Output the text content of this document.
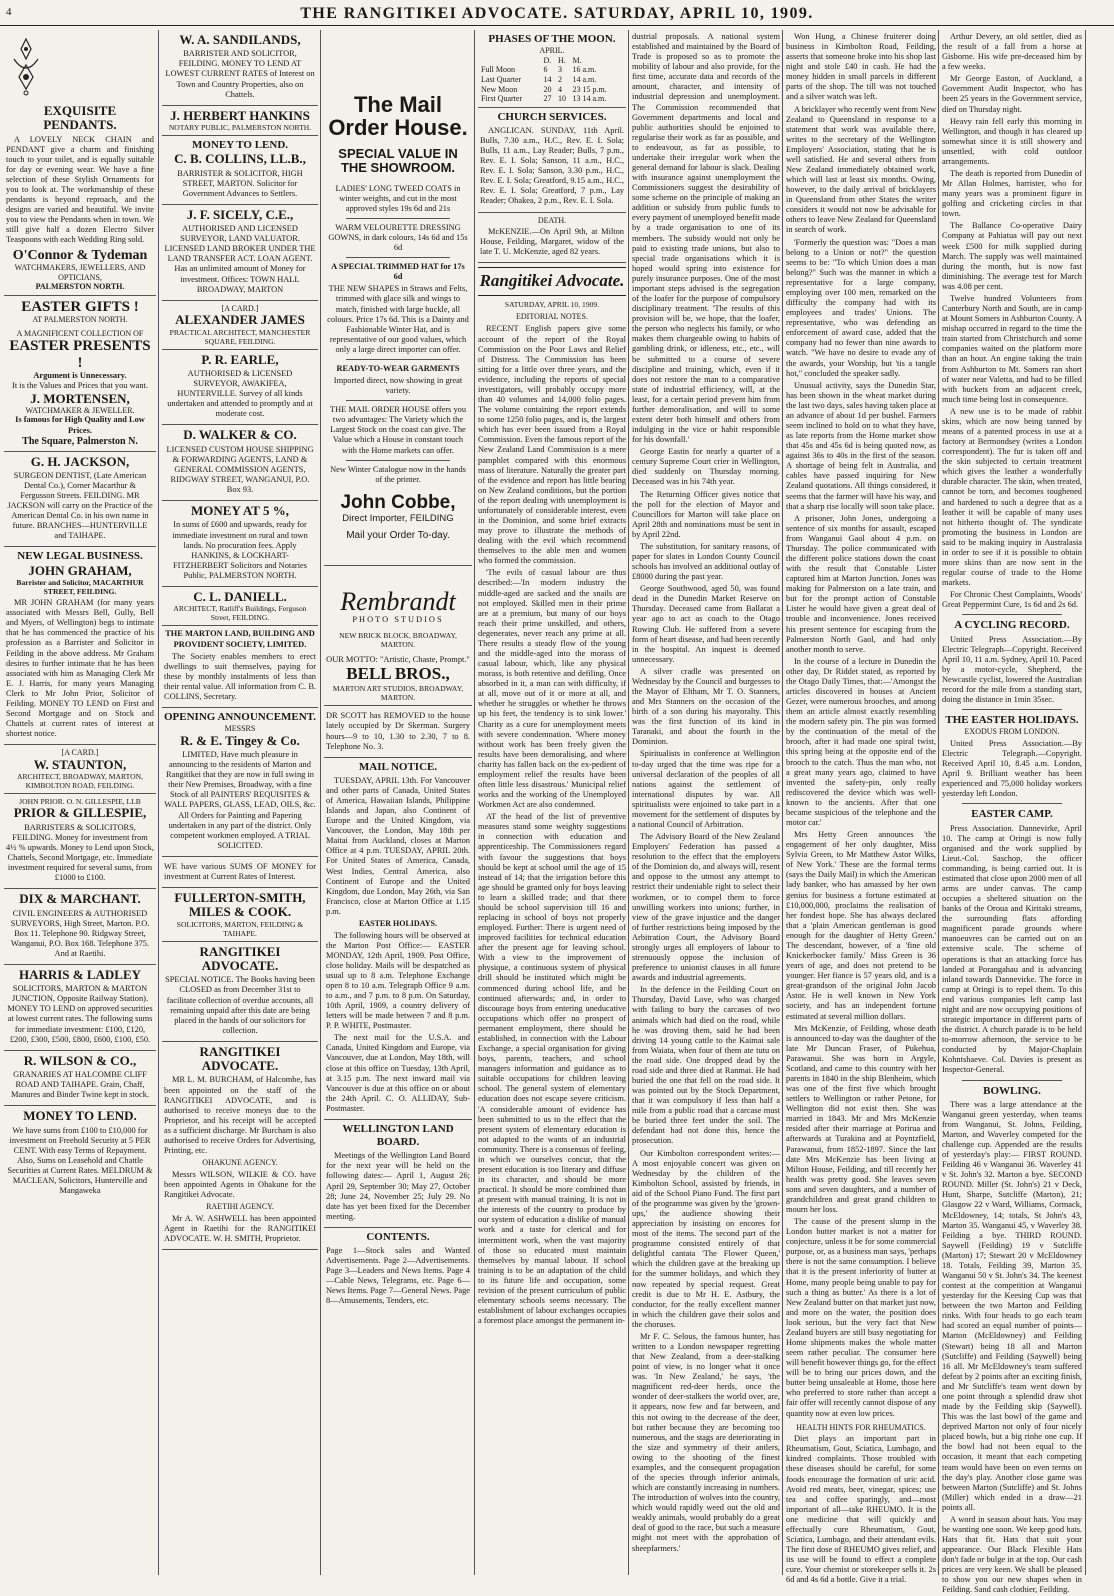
4	THE RANGITIKEI ADVOCATE. SATURDAY, APRIL 10, 1909.
EXQUISITE PENDANTS.

A LOVELY NECK CHAIN and PENDANT give a charm and finishing touch to your toilet, and is equally suitable for day or evening wear. We have a fine selection of these Stylish Ornaments for you to look at. The workmanship of these pendants is beyond reproach, and the designs are varied and beautiful. We invite you to view the Pendants when in town. We still give half a dozen Electro Silver Teaspoons with each Wedding Ring sold.

O'Connor & Tydeman
WATCHMAKERS, JEWELLERS, AND OPTICIANS,
PALMERSTON NORTH.
EASTER GIFTS !
AT PALMERSTON NORTH.
A MAGNIFICENT COLLECTION OF
EASTER PRESENTS !
Argument is Unnecessary.
It is the Values and Prices that you want.
J. MORTENSEN,
WATCHMAKER & JEWELLER.
Is famous for High Quality and Low Prices.
The Square, Palmerston N.
G. H. JACKSON,

SURGEON DENTIST, (Late American Dental Co.), Corner Macarthur & Fergusson Streets. FEILDING. MR JACKSON will carry on the Practice of the American Dental Co. in his own name in future. BRANCHES—HUNTERVILLE and TAIHAPE.

NEW LEGAL BUSINESS.
JOHN GRAHAM,
Barrister and Solicitor, MACARTHUR STREET, FEILDING.

MR JOHN GRAHAM (for many years associated with Messrs Bell, Gully, Bell and Myers, of Wellington) begs to intimate that he has commenced the practice of his profession as a Barrister and Solicitor in Feilding in the above address. Mr Graham desires to further intimate that he has been associated with him as Managing Clerk Mr E. J. Harris, for many years Managing Clerk to Mr John Prior, Solicitor of Feilding. MONEY TO LEND on First and Second Mortgage and on Stock and Chattels at current rates of interest at shortest notice.

[A CARD.]
W. STAUNTON,
ARCHITECT, BROADWAY, MARTON, KIMBOLTON ROAD, FEILDING.
JOHN PRIOR. O. N. GILLESPIE, LLB
PRIOR & GILLESPIE,

BARRISTERS & SOLICITORS, FEILDING. Money for investment from 4½ % upwards. Money to Lend upon Stock, Chattels, Second Mortgage, etc. Immediate investment required for several sums, from £1000 to £100.

DIX & MARCHANT.

CIVIL ENGINEERS & AUTHORISED SURVEYORS, High Street, Marton. P.O. Box 11. Telephone 90. Ridgway Street, Wanganui, P.O. Box 168. Telephone 375. And at Raetihi.

HARRIS & LADLEY

SOLICITORS, MARTON & MARTON JUNCTION, Opposite Railway Station). MONEY TO LEND on approved securities at lowest current rates. The following sums for immediate investment: £100, £120, £200, £300, £500, £800, £600, £100, £50.

R. WILSON & CO.,

GRANARIES AT HALCOMBE CLIFF ROAD AND TAIHAPE. Grain, Chaff, Manures and Binder Twine kept in stock.

MONEY TO LEND.

We have sums from £100 to £10,000 for investment on Freehold Security at 5 PER CENT. With easy Terms of Repayment. Also, Sums on Leasehold and Chattle Securities at Current Rates. MELDRUM & MACLEAN, Solicitors, Hunterville and Mangaweka

W. A. SANDILANDS,

BARRISTER AND SOLICITOR, FEILDING. MONEY TO LEND AT LOWEST CURRENT RATES of Interest on Town and Country Properties, also on Chattels.

J. HERBERT HANKINS
NOTARY PUBLIC, PALMERSTON NORTH.
MONEY TO LEND.
C. B. COLLINS, LL.B.,

BARRISTER & SOLICITOR, HIGH STREET, MARTON. Solicitor for Government Advances to Settlers.

J. F. SICELY, C.E.,

AUTHORISED AND LICENSED SURVEYOR, LAND VALUATOR. LICENSED LAND BROKER UNDER THE LAND TRANSFER ACT. LOAN AGENT. Has an unlimited amount of Money for investment. Offices: TOWN HALL BROADWAY, MARTON

[A CARD.]
ALEXANDER JAMES
PRACTICAL ARCHITECT, MANCHESTER SQUARE, FEILDING.
P. R. EARLE,

AUTHORISED & LICENSED SURVEYOR, AWAKIFEA, HUNTERVILLE. Survey of all kinds undertaken and attended to promptly and at moderate cost.

D. WALKER & CO.

LICENSED CUSTOM HOUSE SHIPPING & FORWARDING AGENTS, LAND & GENERAL COMMISSION AGENTS, RIDGWAY STREET, WANGANUI, P.O. Box 93.

MONEY AT 5 %,

In sums of £600 and upwards, ready for immediate investment on rural and town lands. No procuration fees. Apply HANKINS, & LOCKHART-FITZHERBERT Solicitors and Notaries Public, PALMERSTON NORTH.

C. L. DANIELL.
ARCHITECT, Ratliff's Buildings, Ferguson Street, FEILDING.
THE MARTON LAND, BUILDING AND PROVIDENT SOCIETY, LIMITED.

The Society enables members to erect dwellings to suit themselves, paying for these by monthly instalments of less than their rental value. All information from C. B. COLLINS, Secretary.

OPENING ANNOUNCEMENT.
MESSRS
R. & E. Tingey & Co.

LIMITED, Have much pleasure in announcing to the residents of Marton and Rangitikei that they are now in full swing in their New Premises, Broadway, with a fine Stock of all PAINTERS' REQUISITES & WALL PAPERS, GLASS, LEAD, OILS, &c. All Orders for Painting and Papering undertaken in any part of the district. Only competent workmen employed. A TRIAL SOLICITED.

WE have various SUMS OF MONEY for investment at Current Rates of Interest.

FULLERTON-SMITH, MILES & COOK.
SOLICITORS, MARTON, FEILDING & TAIHAPE.
RANGITIKEI ADVOCATE.

SPECIAL NOTICE. The Books having been CLOSED as from December 31st to facilitate collection of overdue accounts, all remaining unpaid after this date are being placed in the hands of our solicitors for collection.

RANGITIKEI ADVOCATE.

MR L. M. BURCHAM, of Halcombe, has been appointed on the staff of the RANGITIKEI ADVOCATE, and is authorised to receive moneys due to the Proprietor, and his receipt will be accepted as a sufficient discharge. Mr Burcham is also authorised to receive Orders for Advertising, Printing, etc.

OHAKUNE AGENCY.

Messrs WILSON, WILKIE & CO. have been appointed Agents in Ohakune for the Rangitikei Advocate.

RAETIHI AGENCY.

Mr A. W. ASHWELL has been appointed Agent in Raetihi for the RANGITIKEI ADVOCATE. W. H. SMITH, Proprietor.

The Mail Order House.
SPECIAL VALUE IN THE SHOWROOM.

LADIES' LONG TWEED COATS in winter weights, and cut in the most approved styles 19s 6d and 21s

WARM VELOURETTE DRESSING GOWNS, in dark colours, 14s 6d and 15s 6d

A SPECIAL TRIMMED HAT for 17s 6d

THE NEW SHAPES in Straws and Felts, trimmed with glace silk and wings to match, finished with large buckle, all colours. Price 17s 6d. This is a Dainty and Fashionable Winter Hat, and is representative of our good values, which only a large direct importer can offer.

READY-TO-WEAR GARMENTS

Imported direct, now showing in great variety.

THE MAIL ORDER HOUSE offers you two advantages: The Variety which the Largest Stock on the coast can give. The Value which a House in constant touch with the Home markets can offer.

New Winter Catalogue now in the hands of the printer.

John Cobbe,
Direct Importer, FEILDING
Mail your Order To-day.
Rembrandt
PHOTO STUDIOS
NEW BRICK BLOCK, BROADWAY, MARTON.
OUR MOTTO: "Artistic, Chaste, Prompt."
BELL BROS.,
MARTON ART STUDIOS, BROADWAY, MARTON.

DR SCOTT has REMOVED to the house lately occupied by Dr Skerman. Surgery hours—9 to 10, 1.30 to 2.30, 7 to 8. Telephone No. 3.

MAIL NOTICE.

TUESDAY, APRIL 13th. For Vancouver and other parts of Canada, United States of America, Hawaiian Islands, Philippine Islands and Japan, also Continent of Europe and the United Kingdom, via Vancouver, the London, May 18th per Maitai from Auckland, closes at Marton Office at 4 p.m. TUESDAY, APRIL 20th. For United States of America, Canada, West Indies, Central America, also Continent of Europe and the United Kingdom, due London, May 26th, via San Francisco, close at Marton Office at 1.15 p.m.

EASTER HOLIDAYS.

The following hours will be observed at the Marton Post Office:— EASTER MONDAY, 12th April, 1909. Post Office, close holiday. Mails will be despatched as usual up to 8 a.m. Telephone Exchange open 8 to 10 a.m. Telegraph Office 9 a.m. to a.m., and 7 p.m. to 8 p.m. On Saturday, 10th April, 1909, a country delivery of letters will be made between 7 and 8 p.m. P. P. WHITE, Postmaster.

The next mail for the U.S.A. and Canada, United Kingdom and Europe, via Vancouver, due at London, May 18th, will close at this office on Tuesday, 13th April, at 3.15 p.m. The next inward mail via Vancouver is due at this office on or about the 24th April. C. O. ALLIDAY, Sub-Postmaster.

WELLINGTON LAND BOARD.

Meetings of the Wellington Land Board for the next year will be held on the following dates:— April 1, August 26; April 29, September 30; May 27, October 28; June 24, November 25; July 29. No date has yet been fixed for the December meeting.

CONTENTS.

Page 1—Stock sales and Wanted Advertisements. Page 2—Advertisements. Page 3—Leaders and News Items. Page 4—Cable News, Telegrams, etc. Page 6—News Items. Page 7—General News. Page 8—Amusements, Tenders, etc.

PHASES OF THE MOON.
APRIL.
	D.	H.	M.
Full Moon	6	3	16 a.m.
Last Quarter	14	2	14 a.m.
New Moon	20	4	23 15 p.m.
First Quarter	27	10	13 14 a.m.
CHURCH SERVICES.

ANGLICAN. SUNDAY, 11th April. Bulls, 7.30 a.m., H.C., Rev. E. I. Sola; Bulls, 11 a.m., Lay Reader; Bulls, 7 p.m., Rev. E. I. Sola; Sanson, 11 a.m., H.C., Rev. E. I. Sola; Sanson, 3.30 p.m., H.C., Rev. E. I. Sola; Greatford, 9.15 a.m., H.C., Rev. E. I. Sola; Greatford, 7 p.m., Lay Reader; Ohakea, 2 p.m., Rev. E. I. Sola.

DEATH.

McKENZIE.—On April 9th, at Milton House, Feilding, Margaret, widow of the late T. U. McKenzie, aged 82 years.

Rangitikei Advocate.
SATURDAY, APRIL 10, 1909.
EDITORIAL NOTES.

RECENT English papers give some account of the report of the Royal Commission on the Poor Laws and Relief of Distress. The Commission has been sitting for a little over three years, and the evidence, including the reports of special investigators, will probably occupy more than 40 volumes and 14,000 folio pages. The volume containing the report extends to some 1250 folio pages, and is, the largest which has ever been issued from a Royal Commission. Even the famous report of the New Zealand Land Commission is a mere pamphlet compared with this enormous mass of literature. Naturally the greater part of the evidence and report has little bearing on New Zealand conditions, but the portion of the report dealing with unemployment is unfortunately of considerable interest, even in the Dominion, and some brief extracts may prove to illustrate the methods of dealing with the evil which recommend themselves to the able men and women who formed the commission.

'The evils of casual labour are thus described:—'In modern industry the middle-aged are sacked and the snails are not employed. Skilled men in their prime are at a premium, but many of our boys reach their prime unskilled, and others, degenerates, never reach any prime at all. There results a steady flow of the young and the middle-aged into the morass of casual labour, which, like any physical morass, is both retentive and defiling. Once absorbed in it, a man can with difficulty, if at all, move out of it or more at all, and whether he struggles or whether he throws up his feet, the tendency is to sink lower.' Charity as a cure for unemployment meets with severe condemnation. 'Where money without work has been freely given the results have been demoralising, and where charity has fallen back on the ex-pedient of employment relief the results have been often little less disastrous.' Municipal relief works and the working of the Unemployed Workmen Act are also condemned.

AT the head of the list of preventive measures stand some weighty suggestions in connection with education and apprenticeship. The Commissioners regard with favour the suggestions that boys should be kept at school until the age of 15 instead of 14; that the irrigation before this age should be granted only for boys leaving to learn a skilled trade; and that there should be school supervision till 16 and replacing in school of boys not properly employed. Further: There is urgent need of improved facilities for technical education after the present age for leaving school. With a view to the improvement of physique, a continuous system of physical drill should be instituted which might be commenced during school life, and be continued afterwards; and, in order to discourage boys from entering uneducative occupations which offer no prospect of permanent employment, there should be established, in connection with the Labour Exchange, a special organisation for giving boys, parents, teachers, and school managers information and guidance as to suitable occupations for children leaving school. The general system of elementary education does not escape severe criticism. 'A considerable amount of evidence has been submitted to us to the effect that the present system of elementary education is not adapted to the wants of an industrial community. There is a consensus of feeling, in which we ourselves concur, that the present education is too literary and diffuse in its character, and should be more practical. It should be more combined than at present with manual training. It is not in the interests of the country to produce by our system of education a dislike of manual work and a taste for clerical and for intermittent work, when the vast majority of those so educated must maintain themselves by manual labour. If school training is to be an adaptation of the child to its future life and occupation, some revision of the present curriculum of public elementary schools seems necessary. The establishment of labour exchanges occupies a foremost place amongst the permanent in-

dustrial proposals. A national system established and maintained by the Board of Trade is proposed so as to promote the mobility of labour and also provide, for the first time, accurate data and records of the amount, character, and intensity of industrial depression and unemployment. The Commission recommended that Government departments and local and public authorities should be enjoined to regularise their work as far as possible, and to endeavour, as far as possible, to undertake their irregular work when the general demand for labour is slack. Dealing with insurance against unemployment the Commissioners suggest the desirability of some scheme on the principle of making an addition or subsidy from public funds to every payment of unemployed benefit made by a trade organisation to one of its members. The subsidy would not only be paid to existing trade unions, but also to special trade organisations which it is hoped would spring into existence for purely insurance purposes. One of the most important steps advised is the segregation of the loafer for the purpose of compulsory disciplinary treatment. 'The results of this provision will be, we hope, that the loafer, the person who neglects his family, or who makes them chargeable owing to habits of gambling drink, or idleness, etc., etc., will be submitted to a course of severe discipline and training, which, even if it does not restore the man to a comparative state of industrial efficiency, will, at the least, for a certain period prevent him from further demoralisation, and will to some extent deter both himself and others from indulging in the vice or habit responsible for his downfall.'

George Eastin for nearly a quarter of a century Supreme Court crier in Wellington, died suddenly on Thursday morning. Deceased was in his 74th year.

The Returning Officer gives notice that the poll for the election of Mayor and Councillors for Marton will take place on April 28th and nominations must be sent in by April 22nd.

The substitution, for sanitary reasons, of paper for slates in London County Council schools has involved an additional outlay of £8000 during the past year.

George Southwood, aged 50, was found dead in the Dunedin Market Reserve on Thursday. Deceased came from Ballarat a year ago to act as coach to the Otago Rowing Club. He suffered from a severe form of heart disease, and had been recently in the hospital. An inquest is deemed unnecessary.

A silver cradle was presented on Wednesday by the Council and burgesses to the Mayor of Eltham, Mr T. O. Stanners, and Mrs Stanners on the occasion of the birth of a son during his mayoralty. This was the first function of its kind in Taranaki, and about the fourth in the Dominion.

Spiritualists in conference at Wellington to-day urged that the time was ripe for a universal declaration of the peoples of all nations against the settlement of international disputes by war. All spiritualists were enjoined to take part in a movement for the settlement of disputes by a national Council of Arbitration.

The Advisory Board of the New Zealand Employers' Federation has passed a resolution to the effect that the employers of the Dominion do, and always will, resent and oppose to the utmost any attempt to restrict their undeniable right to select their workmen, or to compel them to force unwilling workers into unions; further, in view of the grave injustice and the danger of further restrictions being imposed by the Arbitration Court, the Advisory Board strongly urges all employers of labour to strenuously oppose the inclusion of preference to unionist clauses in all future awards and industrial agreements.

In the defence in the Feilding Court on Thursday, David Love, who was charged with failing to bury the carcases of two animals which had died on the road, while he was droving them, said he had been driving 14 young cattle to the Kaimai sale from Waiata, when four of them ate tutu on the road side. One dropped dead by the road side and three died at Ranmai. He had buried the one that fell on the road side. It was pointed out by the Stock Department, that it was compulsory if less than half a mile from a public road that a carcase must be buried three feet under the soil. The defendant had not done this, hence the prosecution.

Our Kimbolton correspondent writes:—A most enjoyable concert was given on Wednesday by the children of the Kimbolton School, assisted by friends, in aid of the School Piano Fund. The first part of the programme was given by the 'grown-ups,' the audience showing their appreciation by insisting on encores for most of the items. The second part of the programme consisted entirely of that delightful cantata 'The Flower Queen,' which the children gave at the breaking up for the summer holidays, and which they now repeated by special request. Great credit is due to Mr H. E. Astbury, the conductor, for the really excellent manner in which the children gave their solos and the choruses.

Mr F. C. Selous, the famous hunter, has written to a London newspaper regretting that New Zealand, from a deer-stalking point of view, is no longer what it once was. 'In New Zealand,' he says, 'the magnificent red-deer herds, once the wonder of deer-stalkers the world over, are, it appears, now few and far between, and this not owing to the decrease of the deer, but rather because they are becoming too numerous, and the stags are deteriorating in the size and symmetry of their antlers, owing to the shooting of the finest examples, and the consequent propagation of the species through inferior animals, which are constantly increasing in numbers. The introduction of wolves into the country, which would rapidly weed out the old and weakly animals, would probably do a great deal of good to the race, but such a measure might not meet with the approbation of sheepfarmers.'

Won Hung, a Chinese fruiterer doing business in Kimbolton Road, Feilding, asserts that someone broke into his shop last night and stole £40 in cash. He had the money hidden in small parcels in different parts of the shop. The till was not touched and a silver watch was left.

A bricklayer who recently went from New Zealand to Queensland in response to a statement that work was available there, writes to the secretary of the Wellington Employers' Association, stating that he is well satisfied. He and several others from New Zealand immediately obtained work, which will last at least six months. Owing, however, to the daily arrival of bricklayers in Queensland from other States the writer considers it would not now be advisable for others to leave New Zealand for Queensland in search of work.

'Formerly the question was: "Does a man belong to a Union or not?" the question seems to be: "To which Union does a man belong?" Such was the manner in which a representative for a large company, employing over 100 men, remarked on the difficulty the company had with its employees and trades' Unions. The representative, who was defending an enforcement of award case, added that the company had no fewer than nine awards to watch. "We have no desire to evade any of the awards, your Worship, but 'tis a tangle hot," concluded the speaker sadly.

Unusual activity, says the Dunedin Star, has been shown in the wheat market during the last two days, sales having taken place at an advance of about 1d per bushel. Farmers seem inclined to hold on to what they have, as late reports from the Home market show that 45s and 45s 6d is being quoted now, as against 36s to 40s in the first of the season. A shortage of being felt in Australia, and cables have passed inquiring for New Zealand quotations. All things considered, it seems that the farmer will have his way, and that a sharp rise locally will soon take place.

A prisoner, John Jones, undergoing a sentence of six months for assault, escaped from Wanganui Gaol about 4 p.m. on Thursday. The police communicated with the different police stations down the coast with the result that Constable Lister captured him at Marton Junction. Jones was making for Palmerston on a late train, and but for the prompt action of Constable Lister he would have given a great deal of trouble and inconvenience. Jones received his present sentence for escaping from the Palmerston North Gaol, and had only another month to serve.

In the course of a lecture in Dunedin the other day, Dr Riddet stated, as reported by the Otago Daily Times, that:—'Amongst the articles discovered in houses at Ancient Gezer, were numerous brooches, and among them an article almost exactly resembling the modern safety pin. The pin was formed by the continuation of the metal of the brooch, after it had made one spiral twist, this spring being at the opposite end of the brooch to the catch. Thus the man who, not a great many years ago, claimed to have invented the safety-pin, only really rediscovered the device which was well-known to the ancients. After that one became suspicious of the telephone and the motor car.'

Mrs Hetty Green announces 'the engagement of her only daughter, Miss Sylvia Green, to Mr Matthew Astor Wilks, of New York.' These are the formal terms (says the Daily Mail) in which the American lady banker, who has amassed by her own genius for business a fortune estimated at £10,000,000, proclaims the realisation of her fondest hope. She has always declared that a 'plain American gentleman is good enough for the daughter of Hetty Green.' The descendant, however, of a 'fine old Knickerbocker family.' Miss Green is 36 years of age, and does not pretend to be younger. Her fiance is 57 years old, and is a great-grandson of the original John Jacob Astor. He is well known in New York society, and has an independent fortune estimated at several million dollars.

Mrs McKenzie, of Feilding, whose death is announced to-day was the daughter of the late Mr Duncan Fraser, of Pukehua, Parawanui. She was born in Argyle, Scotland, and came to this country with her parents in 1840 in the ship Blenheim, which was one of the first five which brought settlers to Wellington or rather Petone, for Wellington did not exist then. She was married in 1843. Mr and Mrs McKenzie resided after their marriage at Porirua and afterwards at Turakina and at Poyntzfield, Parawanui, from 1852-1897. Since the last date Mrs McKenzie has been living at Milton House, Feilding, and till recently her health was pretty good. She leaves seven sons and seven daughters, and a number of grandchildren and great grand children to mourn her loss.

The cause of the present slump in the London butter market is not a matter for conjecture, unless it be for some commercial purpose, or, as a business man says, 'perhaps there is not the same consumption. I believe that it is the present inferiority of butter at Home, many people being unable to pay for such a thing as butter.' As there is a lot of New Zealand butter on that market just now, and more on the water, the position does look serious, but the very fact that New Zealand buyers are still busy negotiating for Home shipments makes the whole matter seem rather peculiar. The consumer here will benefit however things go, for the effect will be to bring our prices down, and the butter being unsaleable at Home, those here who preferred to store rather than accept a fair offer will recently cannot dispose of any quantity now at even low prices.

HEALTH HINTS FOR RHEUMATICS.

Diet plays an important part in Rheumatism, Gout, Sciatica, Lumbago, and kindred complaints. Those troubled with these diseases should be careful, for some foods encourage the formation of uric acid. Avoid red meats, beer, vinegar, spices; use tea and coffee sparingly, and—most important of all—take RHEUMO. It is the one medicine that will quickly and effectually cure Rheumatism, Gout, Sciatica, Lumbago, and their attendant evils. The first dose of RHEUMO gives relief, and its use will be found to effect a complete cure. Your chemist or storekeeper sells it. 2s 6d and 4s 6d a bottle. Give it a trial.

Arthur Devery, an old settler, died as the result of a fall from a horse at Gisborne. His wife pre-deceased him by a few weeks.

Mr George Easton, of Auckland, a Government Audit Inspector, who has been 25 years in the Government service, died on Thursday night.

Heavy rain fell early this morning in Wellington, and though it has cleared up somewhat since it is still showery and unsettled, with cold outdoor arrangements.

The death is reported from Dunedin of Mr Allan Holmes, barrister, who for many years was a prominent figure in golfing and cricketing circles in that town.

The Ballance Co-operative Dairy Company at Pahiatua will pay out next week £500 for milk supplied during March. The supply was well maintained during the month, but is now fast diminishing. The average test for March was 4.08 per cent.

Twelve hundred Volunteers from Canterbury North and South, are in camp at Mount Somers in Ashburton County. A mishap occurred in regard to the time the train started from Christchurch and some companies waited on the platform more than an hour. An engine taking the train from Ashburton to Mt. Somers ran short of water near Valetta, and had to be filled with buckets from an adjacent creek, much time being lost in consequence.

A new use is to be made of rabbit skins, which are now being tanned by means of a patented process in use at a factory at Bermondsey (writes a London correspondent). The fur is taken off and the skin subjected to certain treatment which gives the leather a wonderfully durable character. The skin, when treated, cannot be torn, and becomes toughened and hardened to such a degree that as a leather it will be capable of many uses not hitherto thought of. The syndicate promoting the business in London are said to be making inquiry in Australasia in order to see if it is possible to obtain more skins than are now sent in the regular course of trade to the Home markets.

For Chronic Chest Complaints, Woods' Great Peppermint Cure, 1s 6d and 2s 6d.

A CYCLING RECORD.

United Press Association.—By Electric Telegraph—Copyright. Received April 10, 11 a.m. Sydney, April 10. Paced by a motor-cycle, Shepherd, the Newcastle cyclist, lowered the Australian record for the mile from a standing start, doing the distance in 1min 35sec.

THE EASTER HOLIDAYS.
EXODUS FROM LONDON.

United Press Association.—By Electric Telegraph.—Copyright. Received April 10, 8.45 a.m. London, April 9. Brilliant weather has been experienced and 75,000 holiday workers yesterday left London.

EASTER CAMP.

Press Association. Dannevirke, April 10. The camp at Oringi is now fully organised and the work supplied by Lieut.-Col. Saschop, the officer commanding, is being carried out. It is estimated that close upon 2000 men of all arms are under canvas. The camp occupies a sheltered situation on the banks of the Oroua and Kiritaki streams, the surrounding flats affording magnificent parade grounds where manoeuvres can be carried out on an extensive scale. The scheme of operations is that an attacking force has landed at Porangahau and is advancing inland towards Dannevirke. The force in camp at Oringi is to repel them. To this end various companies left camp last night and are now occupying positions of strategic importance in different parts of the district. A church parade is to be held to-morrow afternoon, the service to be conducted by Major-Chaplain Kohntshaeve. Col. Davies is present as Inspector-General.

BOWLING.

There was a large attendance at the Wanganui green yesterday, when teams from Wanganui, St. Johns, Feilding, Marton, and Waverley competed for the challenge cup. Appended are the results of yesterday's play:— FIRST ROUND. Feilding 46 v Wanganui 36. Waverley 41 v St. John's 32. Marton a bye. SECOND ROUND. Miller (St. John's) 21 v Deck, Hunt, Sharpe, Sutcliffe (Marton), 21; Glasgow 22 v Ward, Williams, Cormack, McEldowney, 14; totals, St John's 43, Marton 35. Wanganui 45, v Waverley 38. Feilding a bye. THIRD ROUND. Saywell (Feilding) 19 v Sutcliffe (Marton) 17; Stewart 20 v McEldowney 18. Totals, Feilding 39, Marton 35. Wanganui 50 v St. John's 34. The keenest contest at the competition at Wanganui yesterday for the Keesing Cup was that between the two Marton and Feilding rinks. With four heads to go each team had scored an equal number of points—Marton (McEldowney) and Feilding (Stewart) being 18 all and Marton (Sutcliffe) and Feilding (Saywell) being 16 all. Mr McEldowney's team suffered defeat by 2 points after an exciting finish, and Mr Sutcliffe's team went down by one point through a splendid draw shot made by the Feilding skip (Saywell). This was the last bowl of the game and deprived Marton not only of four nicely placed bowls, but a big rinhe one cup. If the bowl had not been equal to the occasion, it meant that each competing team would have been on even terms on the day's play. Another close game was between Marton (Sutcliffe) and St. Johns (Miller) which ended in a draw—21 points all.

A word in season about hats. You may be wanting one soon. We keep good hats. Hats that fit. Hats that suit your appearance. Our Black Flexible Hats don't fade or bulge in at the top. Our cash prices are very keen. We shall be pleased to show you our new shapes when in Feilding. Sand cash clothier, Feilding.
